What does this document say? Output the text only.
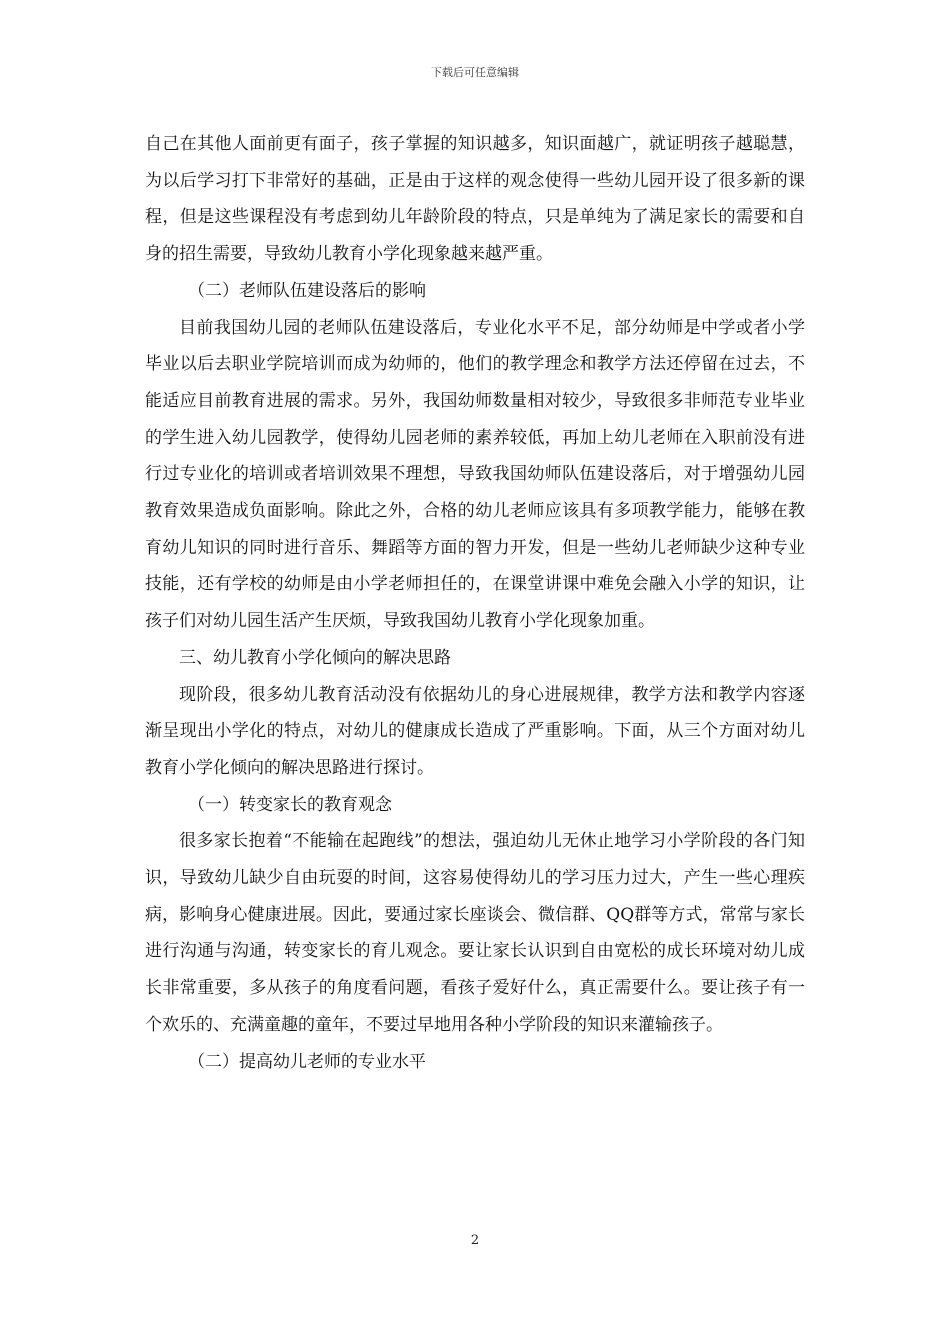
下载后可任意编辑

自己在其他人面前更有面子，孩子掌握的知识越多，知识面越广，就证明孩子越聪慧，为以后学习打下非常好的基础，正是由于这样的观念使得一些幼儿园开设了很多新的课程，但是这些课程没有考虑到幼儿年龄阶段的特点，只是单纯为了满足家长的需要和自身的招生需要，导致幼儿教育小学化现象越来越严重。

（二）老师队伍建设落后的影响

目前我国幼儿园的老师队伍建设落后，专业化水平不足，部分幼师是中学或者小学毕业以后去职业学院培训而成为幼师的，他们的教学理念和教学方法还停留在过去，不能适应目前教育进展的需求。另外，我国幼师数量相对较少，导致很多非师范专业毕业的学生进入幼儿园教学，使得幼儿园老师的素养较低，再加上幼儿老师在入职前没有进行过专业化的培训或者培训效果不理想，导致我国幼师队伍建设落后，对于增强幼儿园教育效果造成负面影响。除此之外，合格的幼儿老师应该具有多项教学能力，能够在教育幼儿知识的同时进行音乐、舞蹈等方面的智力开发，但是一些幼儿老师缺少这种专业技能，还有学校的幼师是由小学老师担任的，在课堂讲课中难免会融入小学的知识，让孩子们对幼儿园生活产生厌烦，导致我国幼儿教育小学化现象加重。

三、幼儿教育小学化倾向的解决思路

现阶段，很多幼儿教育活动没有依据幼儿的身心进展规律，教学方法和教学内容逐渐呈现出小学化的特点，对幼儿的健康成长造成了严重影响。下面，从三个方面对幼儿教育小学化倾向的解决思路进行探讨。

（一）转变家长的教育观念

很多家长抱着“不能输在起跑线”的想法，强迫幼儿无休止地学习小学阶段的各门知识，导致幼儿缺少自由玩耍的时间，这容易使得幼儿的学习压力过大，产生一些心理疾病，影响身心健康进展。因此，要通过家长座谈会、微信群、QQ群等方式，常常与家长进行沟通与沟通，转变家长的育儿观念。要让家长认识到自由宽松的成长环境对幼儿成长非常重要，多从孩子的角度看问题，看孩子爱好什么，真正需要什么。要让孩子有一个欢乐的、充满童趣的童年，不要过早地用各种小学阶段的知识来灌输孩子。

（二）提高幼儿老师的专业水平

2
